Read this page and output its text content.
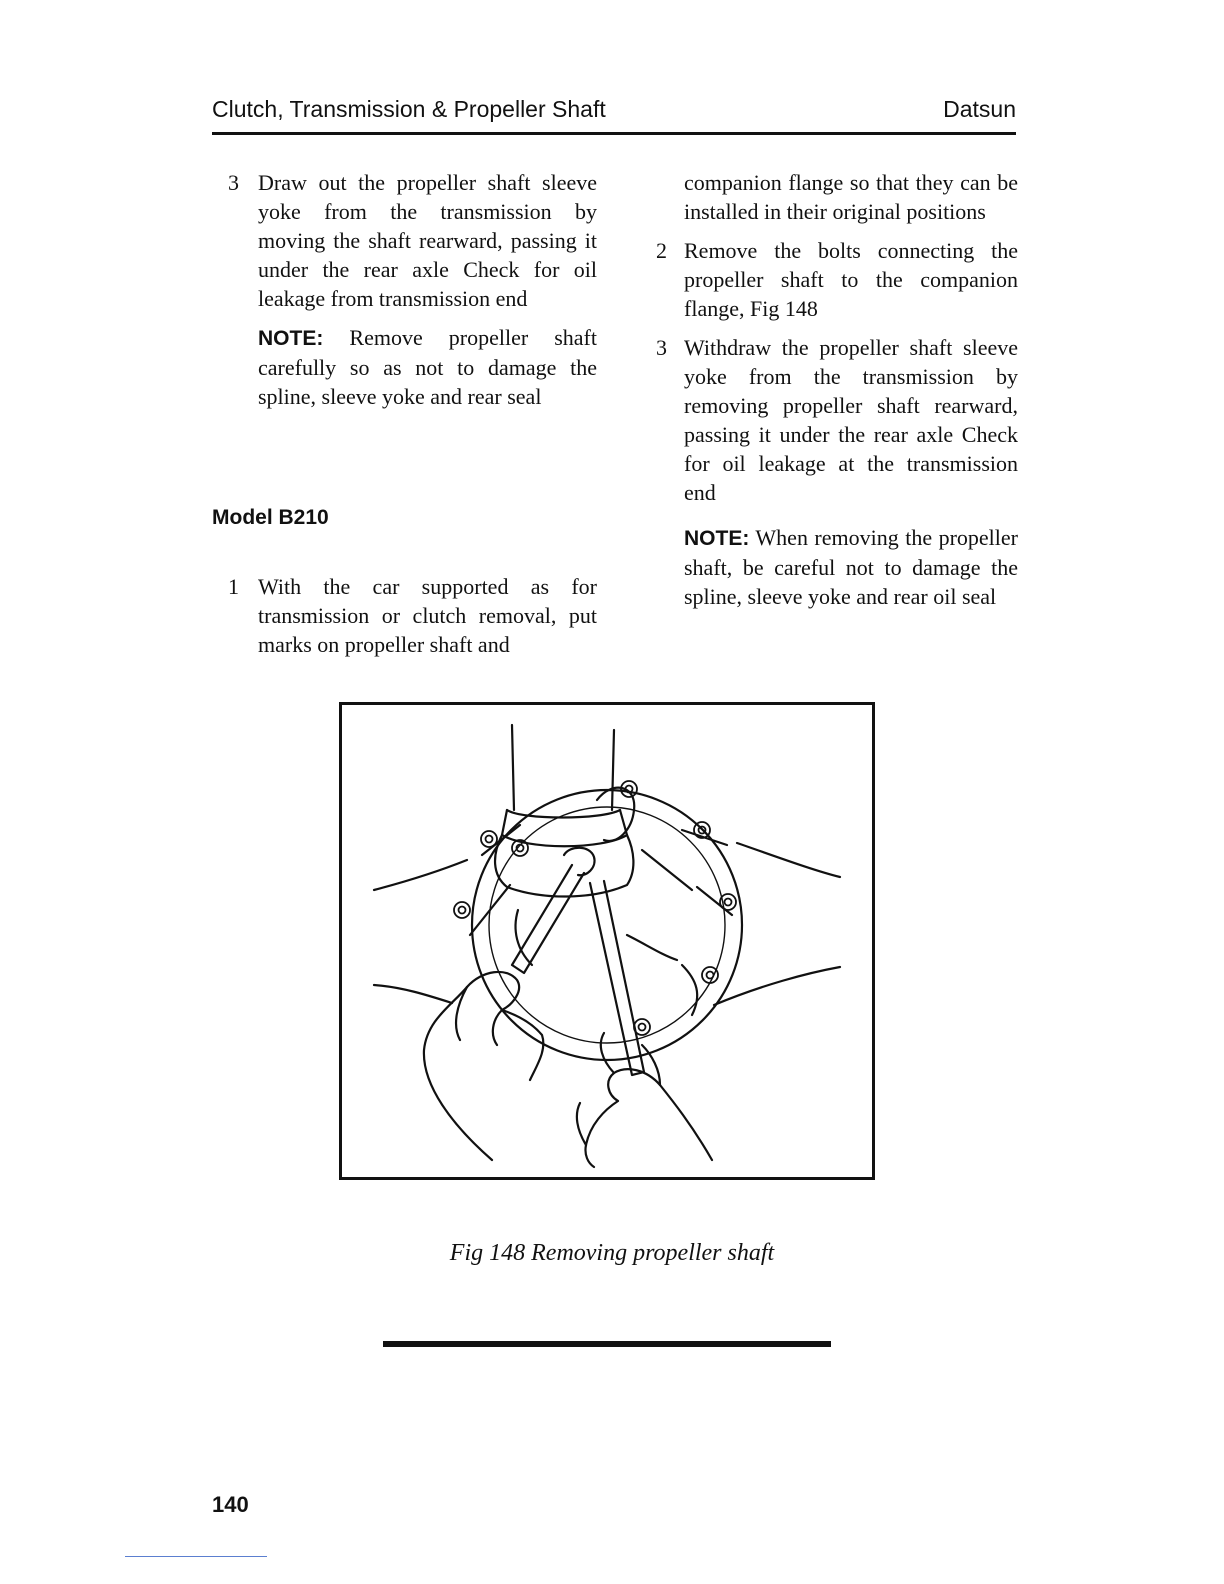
Clutch, Transmission & Propeller Shaft	Datsun
3 Draw out the propeller shaft sleeve yoke from the transmission by moving the shaft rearward, passing it under the rear axle Check for oil leakage from transmission end
NOTE: Remove propeller shaft carefully so as not to damage the spline, sleeve yoke and rear seal
Model B210
1 With the car supported as for transmission or clutch removal, put marks on propeller shaft and
companion flange so that they can be installed in their original positions
2 Remove the bolts connecting the propeller shaft to the companion flange, Fig 148
3 Withdraw the propeller shaft sleeve yoke from the transmission by removing propeller shaft rearward, passing it under the rear axle Check for oil leakage at the transmission end
NOTE: When removing the propeller shaft, be careful not to damage the spline, sleeve yoke and rear oil seal
Fig 148 Removing propeller shaft
140
